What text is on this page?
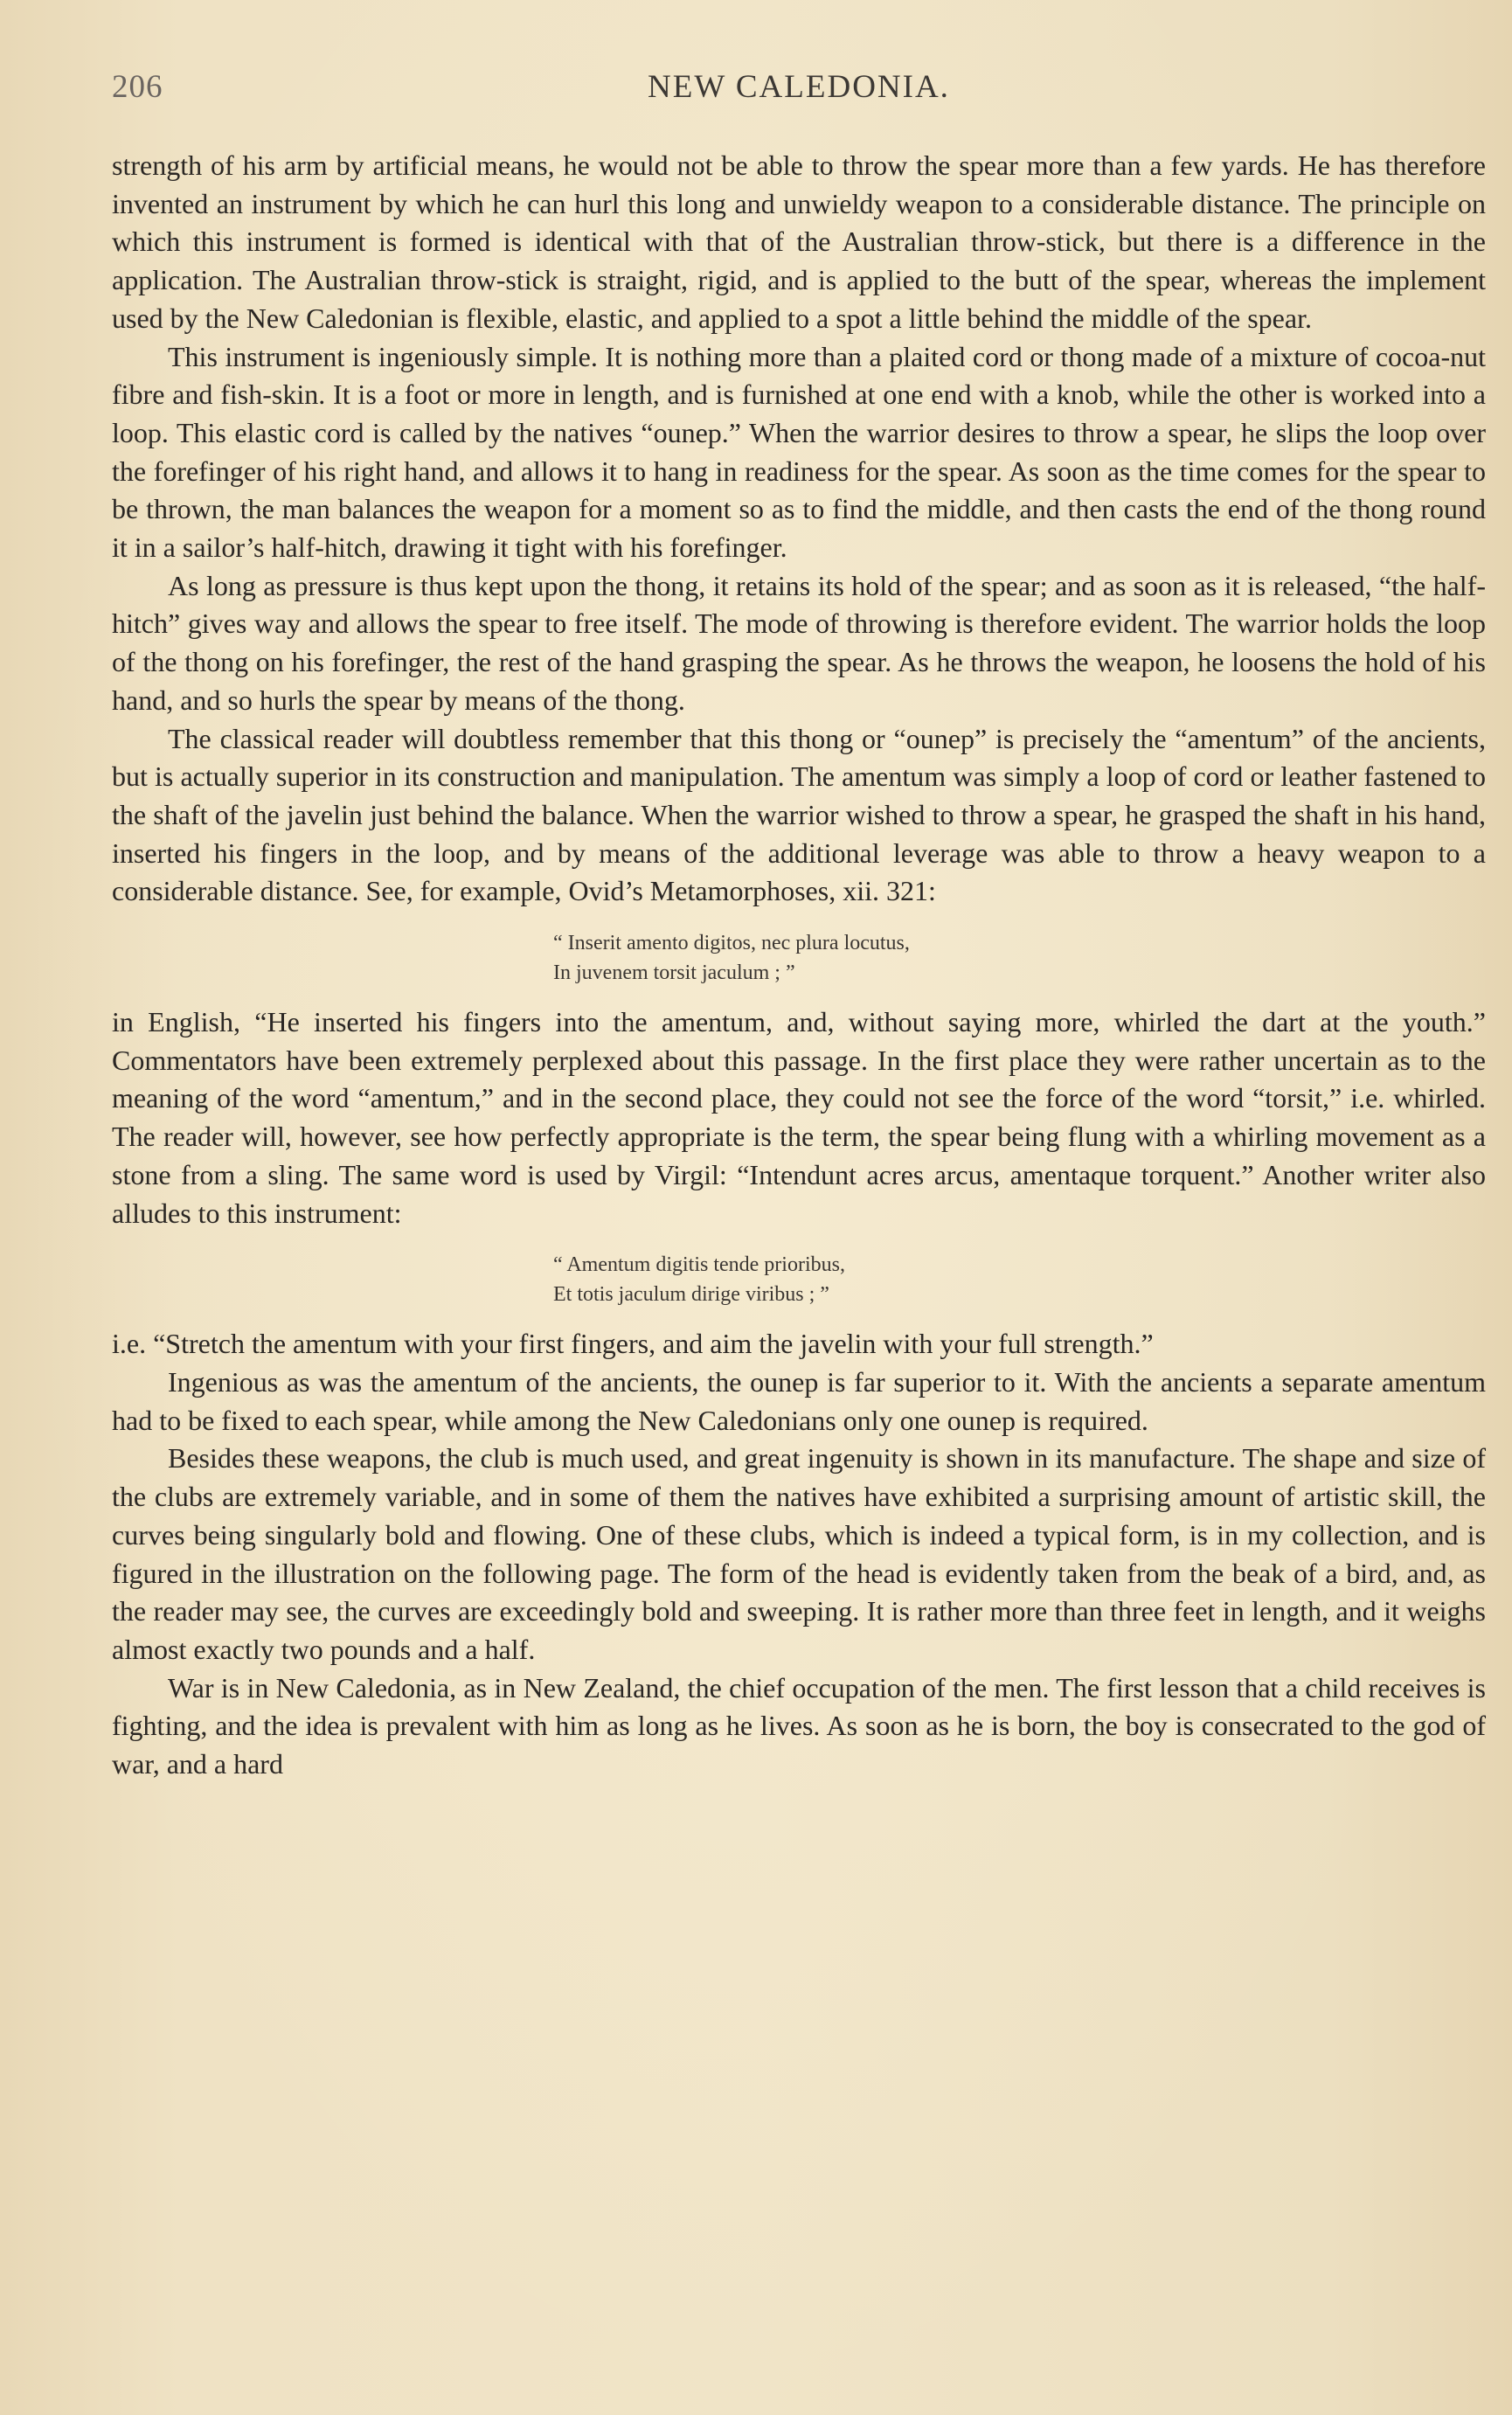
206	NEW CALEDONIA.

strength of his arm by artificial means, he would not be able to throw the spear more than a few yards. He has therefore invented an instrument by which he can hurl this long and unwieldy weapon to a considerable distance. The principle on which this instrument is formed is identical with that of the Australian throw-stick, but there is a difference in the application. The Australian throw-stick is straight, rigid, and is applied to the butt of the spear, whereas the implement used by the New Caledonian is flexible, elastic, and applied to a spot a little behind the middle of the spear.

This instrument is ingeniously simple. It is nothing more than a plaited cord or thong made of a mixture of cocoa-nut fibre and fish-skin. It is a foot or more in length, and is furnished at one end with a knob, while the other is worked into a loop. This elastic cord is called by the natives “ounep.” When the warrior desires to throw a spear, he slips the loop over the forefinger of his right hand, and allows it to hang in readiness for the spear. As soon as the time comes for the spear to be thrown, the man balances the weapon for a moment so as to find the middle, and then casts the end of the thong round it in a sailor’s half-hitch, drawing it tight with his forefinger.

As long as pressure is thus kept upon the thong, it retains its hold of the spear; and as soon as it is released, “the half-hitch” gives way and allows the spear to free itself. The mode of throwing is therefore evident. The warrior holds the loop of the thong on his forefinger, the rest of the hand grasping the spear. As he throws the weapon, he loosens the hold of his hand, and so hurls the spear by means of the thong.

The classical reader will doubtless remember that this thong or “ounep” is precisely the “amentum” of the ancients, but is actually superior in its construction and manipulation. The amentum was simply a loop of cord or leather fastened to the shaft of the javelin just behind the balance. When the warrior wished to throw a spear, he grasped the shaft in his hand, inserted his fingers in the loop, and by means of the additional leverage was able to throw a heavy weapon to a considerable distance. See, for example, Ovid’s Metamorphoses, xii. 321:

“ Inserit amento digitos, nec plura locutus,
In juvenem torsit jaculum ; ”

in English, “He inserted his fingers into the amentum, and, without saying more, whirled the dart at the youth.” Commentators have been extremely perplexed about this passage. In the first place they were rather uncertain as to the meaning of the word “amentum,” and in the second place, they could not see the force of the word “torsit,” i.e. whirled. The reader will, however, see how perfectly appropriate is the term, the spear being flung with a whirling movement as a stone from a sling. The same word is used by Virgil: “Intendunt acres arcus, amentaque torquent.” Another writer also alludes to this instrument:

“ Amentum digitis tende prioribus,
Et totis jaculum dirige viribus ; ”

i.e. “Stretch the amentum with your first fingers, and aim the javelin with your full strength.”

Ingenious as was the amentum of the ancients, the ounep is far superior to it. With the ancients a separate amentum had to be fixed to each spear, while among the New Caledonians only one ounep is required.

Besides these weapons, the club is much used, and great ingenuity is shown in its manufacture. The shape and size of the clubs are extremely variable, and in some of them the natives have exhibited a surprising amount of artistic skill, the curves being singularly bold and flowing. One of these clubs, which is indeed a typical form, is in my collection, and is figured in the illustration on the following page. The form of the head is evidently taken from the beak of a bird, and, as the reader may see, the curves are exceedingly bold and sweeping. It is rather more than three feet in length, and it weighs almost exactly two pounds and a half.

War is in New Caledonia, as in New Zealand, the chief occupation of the men. The first lesson that a child receives is fighting, and the idea is prevalent with him as long as he lives. As soon as he is born, the boy is consecrated to the god of war, and a hard
